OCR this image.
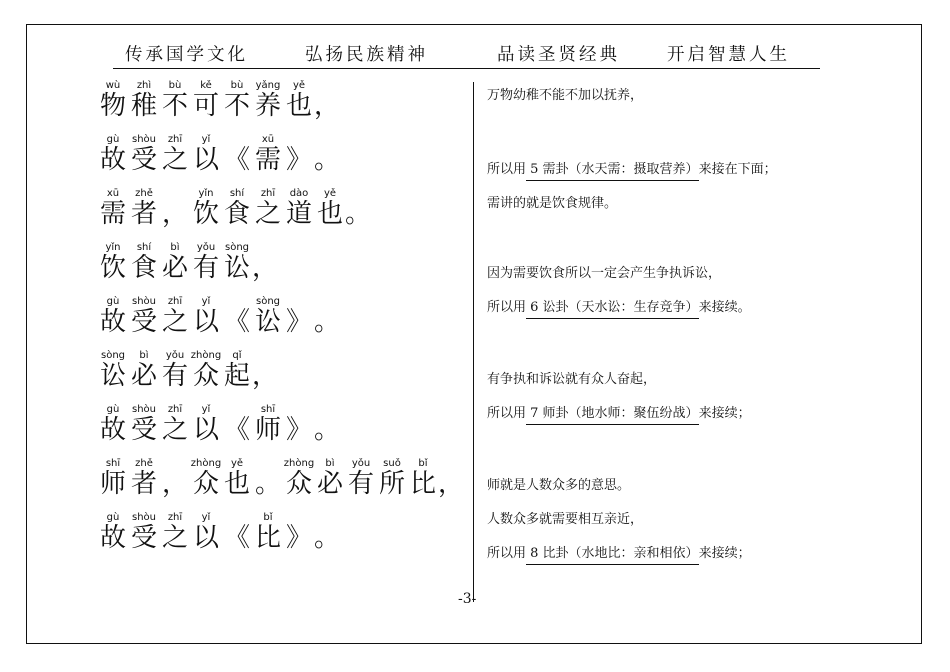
传承国学文化	弘扬民族精神	品读圣贤经典	开启智慧人生
wù
物
zhì
稚
bù
不
kě
可
bù
不
yǎng
养
yě
也 ，
gù
故
shòu
受
zhī
之
yǐ
以 《
xū
需 》 。
xū
需
zhě
者 ，
yǐn
饮
shí
食
zhī
之
dào
道
yě
也 。
yǐn
饮
shí
食
bì
必
yǒu
有
sòng
讼 ，
gù
故
shòu
受
zhī
之
yǐ
以 《
sòng
讼 》 。
sòng
讼
bì
必
yǒu
有
zhòng
众
qǐ
起 ，
gù
故
shòu
受
zhī
之
yǐ
以 《
shī
师 》 。
shī
师
zhě
者 ，
zhòng
众
yě
也 。
zhòng
众
bì
必
yǒu
有
suǒ
所
bǐ
比 ，
gù
故
shòu
受
zhī
之
yǐ
以 《
bǐ
比 》 。
万物幼稚不能不加以抚养，
所以用 5 需卦（水天需：摄取营养）来接在下面；
需讲的就是饮食规律。
因为需要饮食所以一定会产生争执诉讼，
所以用 6 讼卦（天水讼：生存竞争）来接续。
有争执和诉讼就有众人奋起，
所以用 7 师卦（地水师：聚伍纷战）来接续；
师就是人数众多的意思。
人数众多就需要相互亲近，
所以用 8 比卦（水地比：亲和相依）来接续；
-3-
